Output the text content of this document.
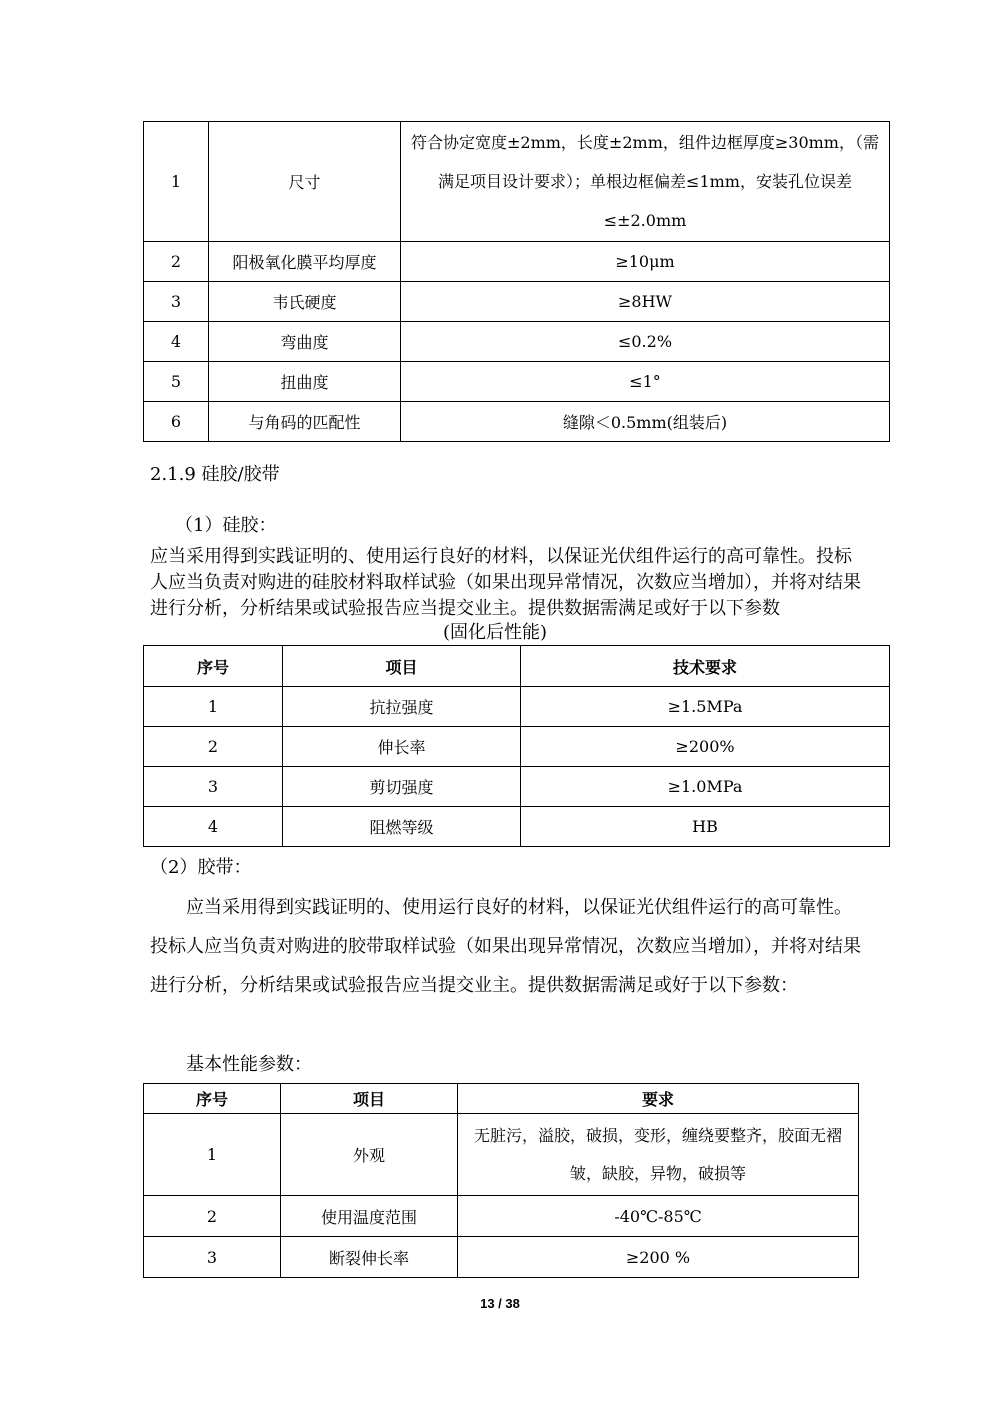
1	尺寸	符合协定宽度±2mm，长度±2mm，组件边框厚度≥30mm，（需满足项目设计要求）；单根边框偏差≤1mm，安装孔位误差≤±2.0mm
2	阳极氧化膜平均厚度	≥10μm
3	韦氏硬度	≥8HW
4	弯曲度	≤0.2%
5	扭曲度	≤1°
6	与角码的匹配性	缝隙＜0.5mm(组装后)

2.1.9 硅胶/胶带

（1）硅胶：

应当采用得到实践证明的、使用运行良好的材料，以保证光伏组件运行的高可靠性。投标人应当负责对购进的硅胶材料取样试验（如果出现异常情况，次数应当增加），并将对结果进行分析，分析结果或试验报告应当提交业主。提供数据需满足或好于以下参数

(固化后性能)

序号	项目	技术要求
1	抗拉强度	≥1.5MPa
2	伸长率	≥200%
3	剪切强度	≥1.0MPa
4	阻燃等级	HB

（2）胶带：

应当采用得到实践证明的、使用运行良好的材料，以保证光伏组件运行的高可靠性。投标人应当负责对购进的胶带取样试验（如果出现异常情况，次数应当增加），并将对结果进行分析，分析结果或试验报告应当提交业主。提供数据需满足或好于以下参数：

基本性能参数：

序号	项目	要求
1	外观	无脏污，溢胶，破损，变形，缠绕要整齐，胶面无褶皱，缺胶，异物，破损等
2	使用温度范围	-40℃-85℃
3	断裂伸长率	≥200 %

13 / 38
